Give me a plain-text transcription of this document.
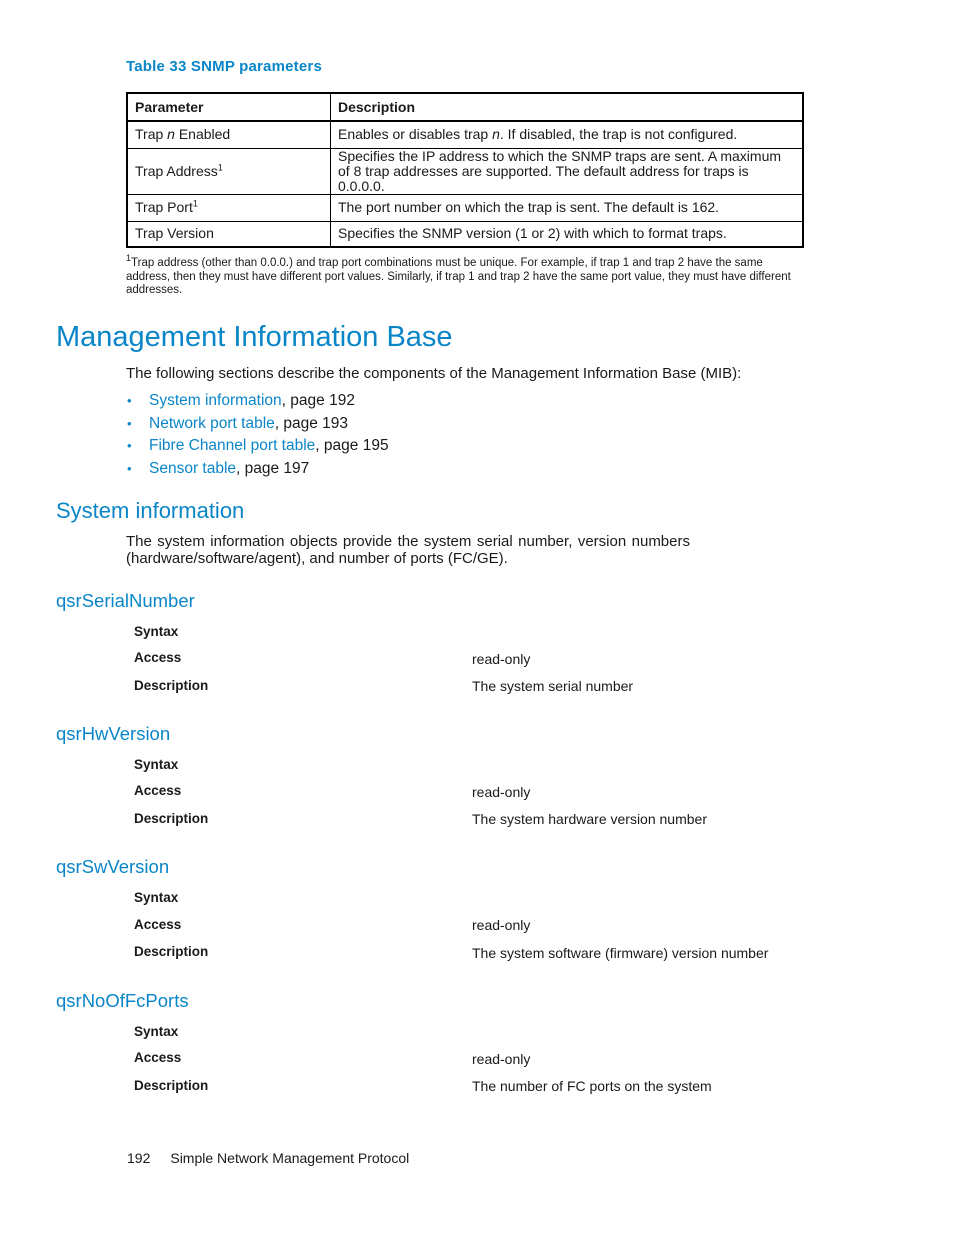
Table 33 SNMP parameters
Parameter	Description
Trap n Enabled	Enables or disables trap n. If disabled, the trap is not configured.
Trap Address$^1$	Specifies the IP address to which the SNMP traps are sent. A maximum of 8 trap addresses are supported. The default address for traps is 0.0.0.0.
Trap Port$^1$	The port number on which the trap is sent. The default is 162.
Trap Version	Specifies the SNMP version (1 or 2) with which to format traps.
$^1$Trap address (other than 0.0.0.) and trap port combinations must be unique. For example, if trap 1 and trap 2 have the same address, then they must have different port values. Similarly, if trap 1 and trap 2 have the same port value, they must have different addresses.
Management Information Base
The following sections describe the components of the Management Information Base (MIB):
• System information, page 192
• Network port table, page 193
• Fibre Channel port table, page 195
• Sensor table, page 197
System information
The system information objects provide the system serial number, version numbers (hardware/software/agent), and number of ports (FC/GE).
qsrSerialNumber
Syntax
Access	read-only
Description	The system serial number
qsrHwVersion
Syntax
Access	read-only
Description	The system hardware version number
qsrSwVersion
Syntax
Access	read-only
Description	The system software (firmware) version number
qsrNoOfFcPorts
Syntax
Access	read-only
Description	The number of FC ports on the system
192 Simple Network Management Protocol
